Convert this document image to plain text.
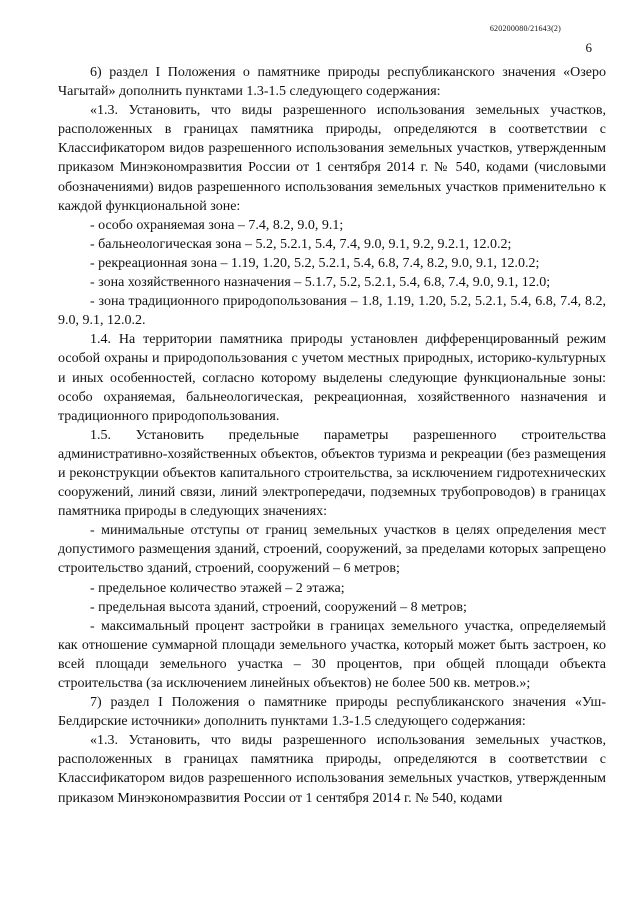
620200080/21643(2)
6

6) раздел I Положения о памятнике природы республиканского значения «Озеро Чагытай» дополнить пунктами 1.3-1.5 следующего содержания:

«1.3. Установить, что виды разрешенного использования земельных участков, расположенных в границах памятника природы, определяются в соответствии с Классификатором видов разрешенного использования земельных участков, утвержденным приказом Минэкономразвития России от 1 сентября 2014 г. № 540, кодами (числовыми обозначениями) видов разрешенного использования земельных участков применительно к каждой функциональной зоне:

- особо охраняемая зона – 7.4, 8.2, 9.0, 9.1;

- бальнеологическая зона – 5.2, 5.2.1, 5.4, 7.4, 9.0, 9.1, 9.2, 9.2.1, 12.0.2;

- рекреационная зона – 1.19, 1.20, 5.2, 5.2.1, 5.4, 6.8, 7.4, 8.2, 9.0, 9.1, 12.0.2;

- зона хозяйственного назначения – 5.1.7, 5.2, 5.2.1, 5.4, 6.8, 7.4, 9.0, 9.1, 12.0;

- зона традиционного природопользования – 1.8, 1.19, 1.20, 5.2, 5.2.1, 5.4, 6.8, 7.4, 8.2, 9.0, 9.1, 12.0.2.

1.4. На территории памятника природы установлен дифференцированный режим особой охраны и природопользования с учетом местных природных, историко-культурных и иных особенностей, согласно которому выделены следующие функциональные зоны: особо охраняемая, бальнеологическая, рекреационная, хозяйственного назначения и традиционного природопользования.

1.5. Установить предельные параметры разрешенного строительства административно-хозяйственных объектов, объектов туризма и рекреации (без размещения и реконструкции объектов капитального строительства, за исключением гидротехнических сооружений, линий связи, линий электропередачи, подземных трубопроводов) в границах памятника природы в следующих значениях:

- минимальные отступы от границ земельных участков в целях определения мест допустимого размещения зданий, строений, сооружений, за пределами которых запрещено строительство зданий, строений, сооружений – 6 метров;

- предельное количество этажей – 2 этажа;

- предельная высота зданий, строений, сооружений – 8 метров;

- максимальный процент застройки в границах земельного участка, определяемый как отношение суммарной площади земельного участка, который может быть застроен, ко всей площади земельного участка – 30 процентов, при общей площади объекта строительства (за исключением линейных объектов) не более 500 кв. метров.»;

7) раздел I Положения о памятнике природы республиканского значения «Уш-Белдирские источники» дополнить пунктами 1.3-1.5 следующего содержания:

«1.3. Установить, что виды разрешенного использования земельных участков, расположенных в границах памятника природы, определяются в соответствии с Классификатором видов разрешенного использования земельных участков, утвержденным приказом Минэкономразвития России от 1 сентября 2014 г. № 540, кодами
